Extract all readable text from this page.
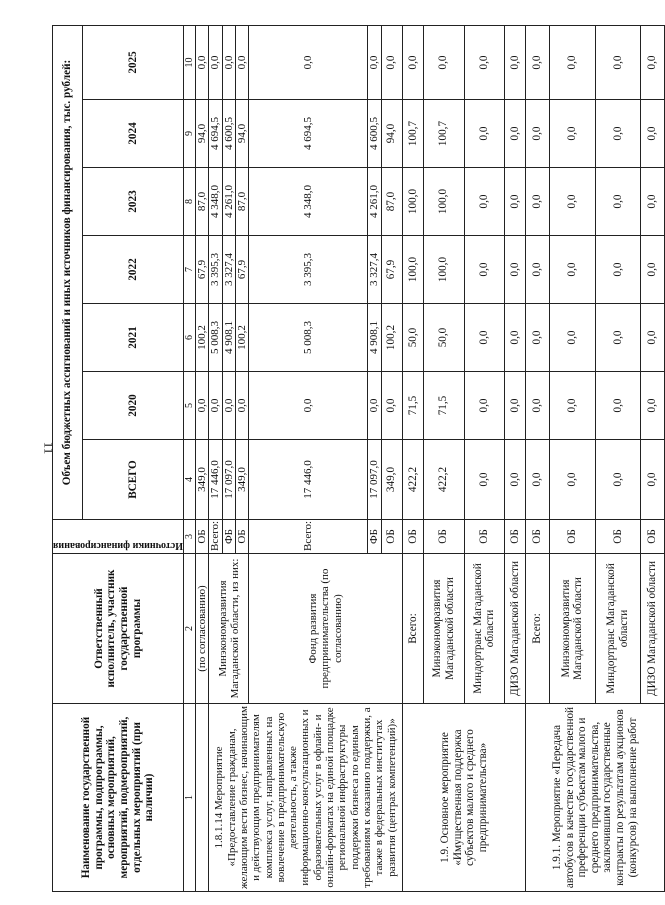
11
Наименование государственной программы, подпрограммы, основных мероприятий, мероприятий, подмероприятий, отдельных мероприятий (при наличии)	Ответственный исполнитель, участник государственной программы	Источники финансирования	Объем бюджетных ассигнований и иных источников финансирования, тыс. рублей:						
			ВСЕГО	2020	2021	2022	2023	2024	2025
1	2	3	4	5	6	7	8	9	10
	(по согласованию)	ОБ	349,0	0,0	100,2	67,9	87,0	94,0	0,0
1.8.1.14 Мероприятие «Предоставление гражданам, желающим вести бизнес, начинающим и действующим предпринимателям комплекса услуг, направленных на вовлечение в предпринимательскую деятельность, а также информационно-консультационных и образовательных услуг в офлайн- и онлайн-форматах на единой площадке региональной инфраструктуры поддержки бизнеса по единым требованиям к оказанию поддержки, а также в федеральных институтах развития (центрах компетенций)»	Минэкономразвития Магаданской области, из них:	Всего:	17 446,0	0,0	5 008,3	3 395,3	4 348,0	4 694,5	0,0
		ФБ	17 097,0	0,0	4 908,1	3 327,4	4 261,0	4 600,5	0,0
		ОБ	349,0	0,0	100,2	67,9	87,0	94,0	0,0
	Фонд развития предпринимательства (по согласованию)	Всего:	17 446,0	0,0	5 008,3	3 395,3	4 348,0	4 694,5	0,0
		ФБ	17 097,0	0,0	4 908,1	3 327,4	4 261,0	4 600,5	0,0
		ОБ	349,0	0,0	100,2	67,9	87,0	94,0	0,0
1.9. Основное мероприятие «Имущественная поддержка субъектов малого и среднего предпринимательства»	Всего:	ОБ	422,2	71,5	50,0	100,0	100,0	100,7	0,0
	Минэкономразвития Магаданской области	ОБ	422,2	71,5	50,0	100,0	100,0	100,7	0,0
	Миндортранс Магаданской области	ОБ	0,0	0,0	0,0	0,0	0,0	0,0	0,0
	ДИЗО Магаданской области	ОБ	0,0	0,0	0,0	0,0	0,0	0,0	0,0
1.9.1. Мероприятие «Передача автобусов в качестве государственной преференции субъектам малого и среднего предпринимательства, заключившим государственные контракты по результатам аукционов (конкурсов) на выполнение работ	Всего:	ОБ	0,0	0,0	0,0	0,0	0,0	0,0	0,0
	Минэкономразвития Магаданской области	ОБ	0,0	0,0	0,0	0,0	0,0	0,0	0,0
	Миндортранс Магаданской области	ОБ	0,0	0,0	0,0	0,0	0,0	0,0	0,0
	ДИЗО Магаданской области	ОБ	0,0	0,0	0,0	0,0	0,0	0,0	0,0
